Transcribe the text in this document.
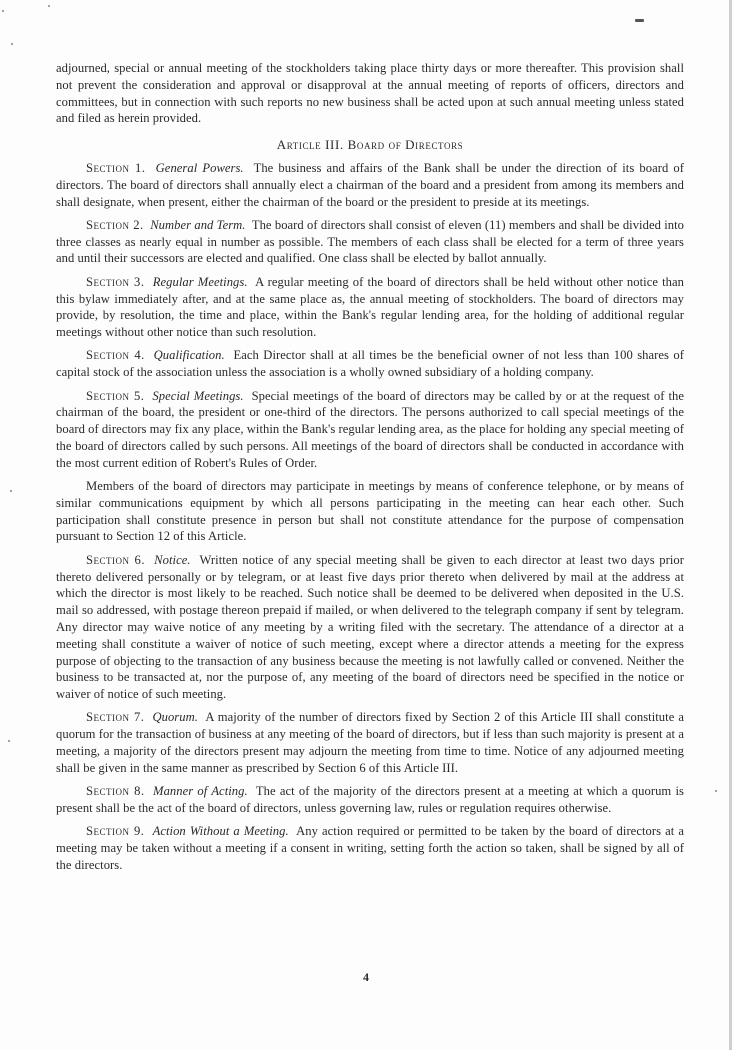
adjourned, special or annual meeting of the stockholders taking place thirty days or more thereafter. This provision shall not prevent the consideration and approval or disapproval at the annual meeting of reports of officers, directors and committees, but in connection with such reports no new business shall be acted upon at such annual meeting unless stated and filed as herein provided.

Article III. Board of Directors

Section 1. General Powers. The business and affairs of the Bank shall be under the direction of its board of directors. The board of directors shall annually elect a chairman of the board and a president from among its members and shall designate, when present, either the chairman of the board or the president to preside at its meetings.

Section 2. Number and Term. The board of directors shall consist of eleven (11) members and shall be divided into three classes as nearly equal in number as possible. The members of each class shall be elected for a term of three years and until their successors are elected and qualified. One class shall be elected by ballot annually.

Section 3. Regular Meetings. A regular meeting of the board of directors shall be held without other notice than this bylaw immediately after, and at the same place as, the annual meeting of stockholders. The board of directors may provide, by resolution, the time and place, within the Bank's regular lending area, for the holding of additional regular meetings without other notice than such resolution.

Section 4. Qualification. Each Director shall at all times be the beneficial owner of not less than 100 shares of capital stock of the association unless the association is a wholly owned subsidiary of a holding company.

Section 5. Special Meetings. Special meetings of the board of directors may be called by or at the request of the chairman of the board, the president or one-third of the directors. The persons authorized to call special meetings of the board of directors may fix any place, within the Bank's regular lending area, as the place for holding any special meeting of the board of directors called by such persons. All meetings of the board of directors shall be conducted in accordance with the most current edition of Robert's Rules of Order.

Members of the board of directors may participate in meetings by means of conference telephone, or by means of similar communications equipment by which all persons participating in the meeting can hear each other. Such participation shall constitute presence in person but shall not constitute attendance for the purpose of compensation pursuant to Section 12 of this Article.

Section 6. Notice. Written notice of any special meeting shall be given to each director at least two days prior thereto delivered personally or by telegram, or at least five days prior thereto when delivered by mail at the address at which the director is most likely to be reached. Such notice shall be deemed to be delivered when deposited in the U.S. mail so addressed, with postage thereon prepaid if mailed, or when delivered to the telegraph company if sent by telegram. Any director may waive notice of any meeting by a writing filed with the secretary. The attendance of a director at a meeting shall constitute a waiver of notice of such meeting, except where a director attends a meeting for the express purpose of objecting to the transaction of any business because the meeting is not lawfully called or convened. Neither the business to be transacted at, nor the purpose of, any meeting of the board of directors need be specified in the notice or waiver of notice of such meeting.

Section 7. Quorum. A majority of the number of directors fixed by Section 2 of this Article III shall constitute a quorum for the transaction of business at any meeting of the board of directors, but if less than such majority is present at a meeting, a majority of the directors present may adjourn the meeting from time to time. Notice of any adjourned meeting shall be given in the same manner as prescribed by Section 6 of this Article III.

Section 8. Manner of Acting. The act of the majority of the directors present at a meeting at which a quorum is present shall be the act of the board of directors, unless governing law, rules or regulation requires otherwise.

Section 9. Action Without a Meeting. Any action required or permitted to be taken by the board of directors at a meeting may be taken without a meeting if a consent in writing, setting forth the action so taken, shall be signed by all of the directors.

4
